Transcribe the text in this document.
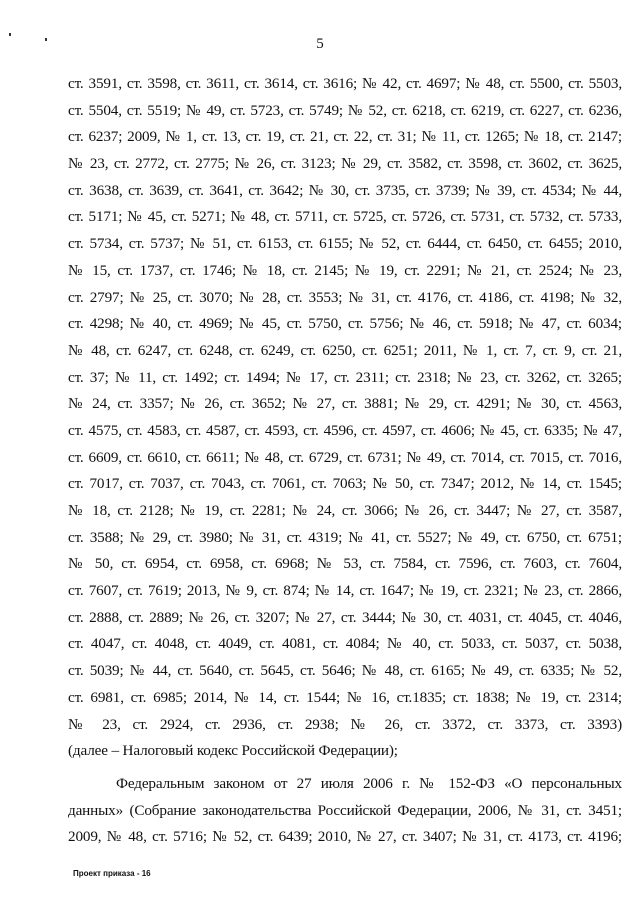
5
ст. 3591, ст. 3598, ст. 3611, ст. 3614, ст. 3616; № 42, ст. 4697; № 48, ст. 5500, ст. 5503,
ст. 5504, ст. 5519; № 49, ст. 5723, ст. 5749; № 52, ст. 6218, ст. 6219, ст. 6227, ст. 6236,
ст. 6237; 2009, № 1, ст. 13, ст. 19, ст. 21, ст. 22, ст. 31; № 11, ст. 1265; № 18, ст. 2147;
№ 23, ст. 2772, ст. 2775; № 26, ст. 3123; № 29, ст. 3582, ст. 3598, ст. 3602, ст. 3625,
ст. 3638, ст. 3639, ст. 3641, ст. 3642; № 30, ст. 3735, ст. 3739; № 39, ст. 4534; № 44,
ст. 5171; № 45, ст. 5271; № 48, ст. 5711, ст. 5725, ст. 5726, ст. 5731, ст. 5732, ст. 5733,
ст. 5734, ст. 5737; № 51, ст. 6153, ст. 6155; № 52, ст. 6444, ст. 6450, ст. 6455; 2010,
№ 15, ст. 1737, ст. 1746; № 18, ст. 2145; № 19, ст. 2291; № 21, ст. 2524; № 23,
ст. 2797; № 25, ст. 3070; № 28, ст. 3553; № 31, ст. 4176, ст. 4186, ст. 4198; № 32,
ст. 4298; № 40, ст. 4969; № 45, ст. 5750, ст. 5756; № 46, ст. 5918; № 47, ст. 6034;
№ 48, ст. 6247, ст. 6248, ст. 6249, ст. 6250, ст. 6251; 2011, № 1, ст. 7, ст. 9, ст. 21,
ст. 37; № 11, ст. 1492; ст. 1494; № 17, ст. 2311; ст. 2318; № 23, ст. 3262, ст. 3265;
№ 24, ст. 3357; № 26, ст. 3652; № 27, ст. 3881; № 29, ст. 4291; № 30, ст. 4563,
ст. 4575, ст. 4583, ст. 4587, ст. 4593, ст. 4596, ст. 4597, ст. 4606; № 45, ст. 6335; № 47,
ст. 6609, ст. 6610, ст. 6611; № 48, ст. 6729, ст. 6731; № 49, ст. 7014, ст. 7015, ст. 7016,
ст. 7017, ст. 7037, ст. 7043, ст. 7061, ст. 7063; № 50, ст. 7347; 2012, № 14, ст. 1545;
№ 18, ст. 2128; № 19, ст. 2281; № 24, ст. 3066; № 26, ст. 3447; № 27, ст. 3587,
ст. 3588; № 29, ст. 3980; № 31, ст. 4319; № 41, ст. 5527; № 49, ст. 6750, ст. 6751;
№ 50, ст. 6954, ст. 6958, ст. 6968; № 53, ст. 7584, ст. 7596, ст. 7603, ст. 7604,
ст. 7607, ст. 7619; 2013, № 9, ст. 874; № 14, ст. 1647; № 19, ст. 2321; № 23, ст. 2866,
ст. 2888, ст. 2889; № 26, ст. 3207; № 27, ст. 3444; № 30, ст. 4031, ст. 4045, ст. 4046,
ст. 4047, ст. 4048, ст. 4049, ст. 4081, ст. 4084; № 40, ст. 5033, ст. 5037, ст. 5038,
ст. 5039; № 44, ст. 5640, ст. 5645, ст. 5646; № 48, ст. 6165; № 49, ст. 6335; № 52,
ст. 6981, ст. 6985; 2014, № 14, ст. 1544; № 16, ст.1835; ст. 1838; № 19, ст. 2314;
№ 23, ст. 2924, ст. 2936, ст. 2938; № 26, ст. 3372, ст. 3373, ст. 3393)
(далее – Налоговый кодекс Российской Федерации);
Федеральным законом от 27 июля 2006 г. № 152-ФЗ «О персональных
данных» (Собрание законодательства Российской Федерации, 2006, № 31, ст. 3451;
2009, № 48, ст. 5716; № 52, ст. 6439; 2010, № 27, ст. 3407; № 31, ст. 4173, ст. 4196;
Проект приказа - 16
